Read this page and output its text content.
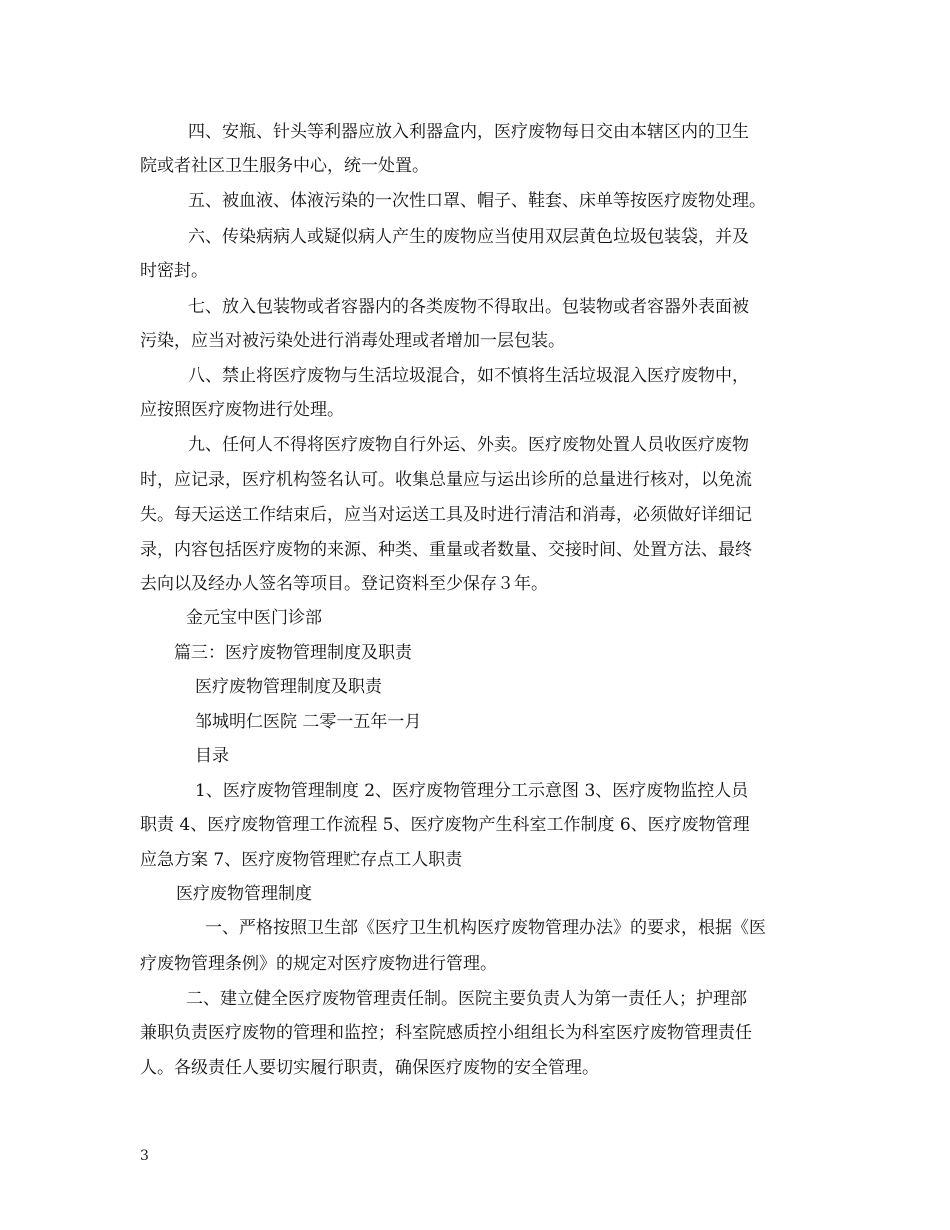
四、安瓶、针头等利器应放入利器盒内，医疗废物每日交由本辖区内的卫生
院或者社区卫生服务中心，统一处置。
五、被血液、体液污染的一次性口罩、帽子、鞋套、床单等按医疗废物处理。
六、传染病病人或疑似病人产生的废物应当使用双层黄色垃圾包装袋，并及
时密封。
七、放入包装物或者容器内的各类废物不得取出。包装物或者容器外表面被
污染，应当对被污染处进行消毒处理或者增加一层包装。
八、禁止将医疗废物与生活垃圾混合，如不慎将生活垃圾混入医疗废物中，
应按照医疗废物进行处理。
九、任何人不得将医疗废物自行外运、外卖。医疗废物处置人员收医疗废物
时，应记录，医疗机构签名认可。收集总量应与运出诊所的总量进行核对，以免流
失。每天运送工作结束后，应当对运送工具及时进行清洁和消毒，必须做好详细记
录，内容包括医疗废物的来源、种类、重量或者数量、交接时间、处置方法、最终
去向以及经办人签名等项目。登记资料至少保存３年。
金元宝中医门诊部
篇三：医疗废物管理制度及职责
医疗废物管理制度及职责
邹城明仁医院 二零一五年一月
目录
1、医疗废物管理制度 2、医疗废物管理分工示意图 3、医疗废物监控人员
职责 4、医疗废物管理工作流程 5、医疗废物产生科室工作制度 6、医疗废物管理
应急方案 7、医疗废物管理贮存点工人职责
医疗废物管理制度
一、严格按照卫生部《医疗卫生机构医疗废物管理办法》的要求，根据《医
疗废物管理条例》的规定对医疗废物进行管理。
二、建立健全医疗废物管理责任制。医院主要负责人为第一责任人；护理部
兼职负责医疗废物的管理和监控；科室院感质控小组组长为科室医疗废物管理责任
人。各级责任人要切实履行职责，确保医疗废物的安全管理。
3
